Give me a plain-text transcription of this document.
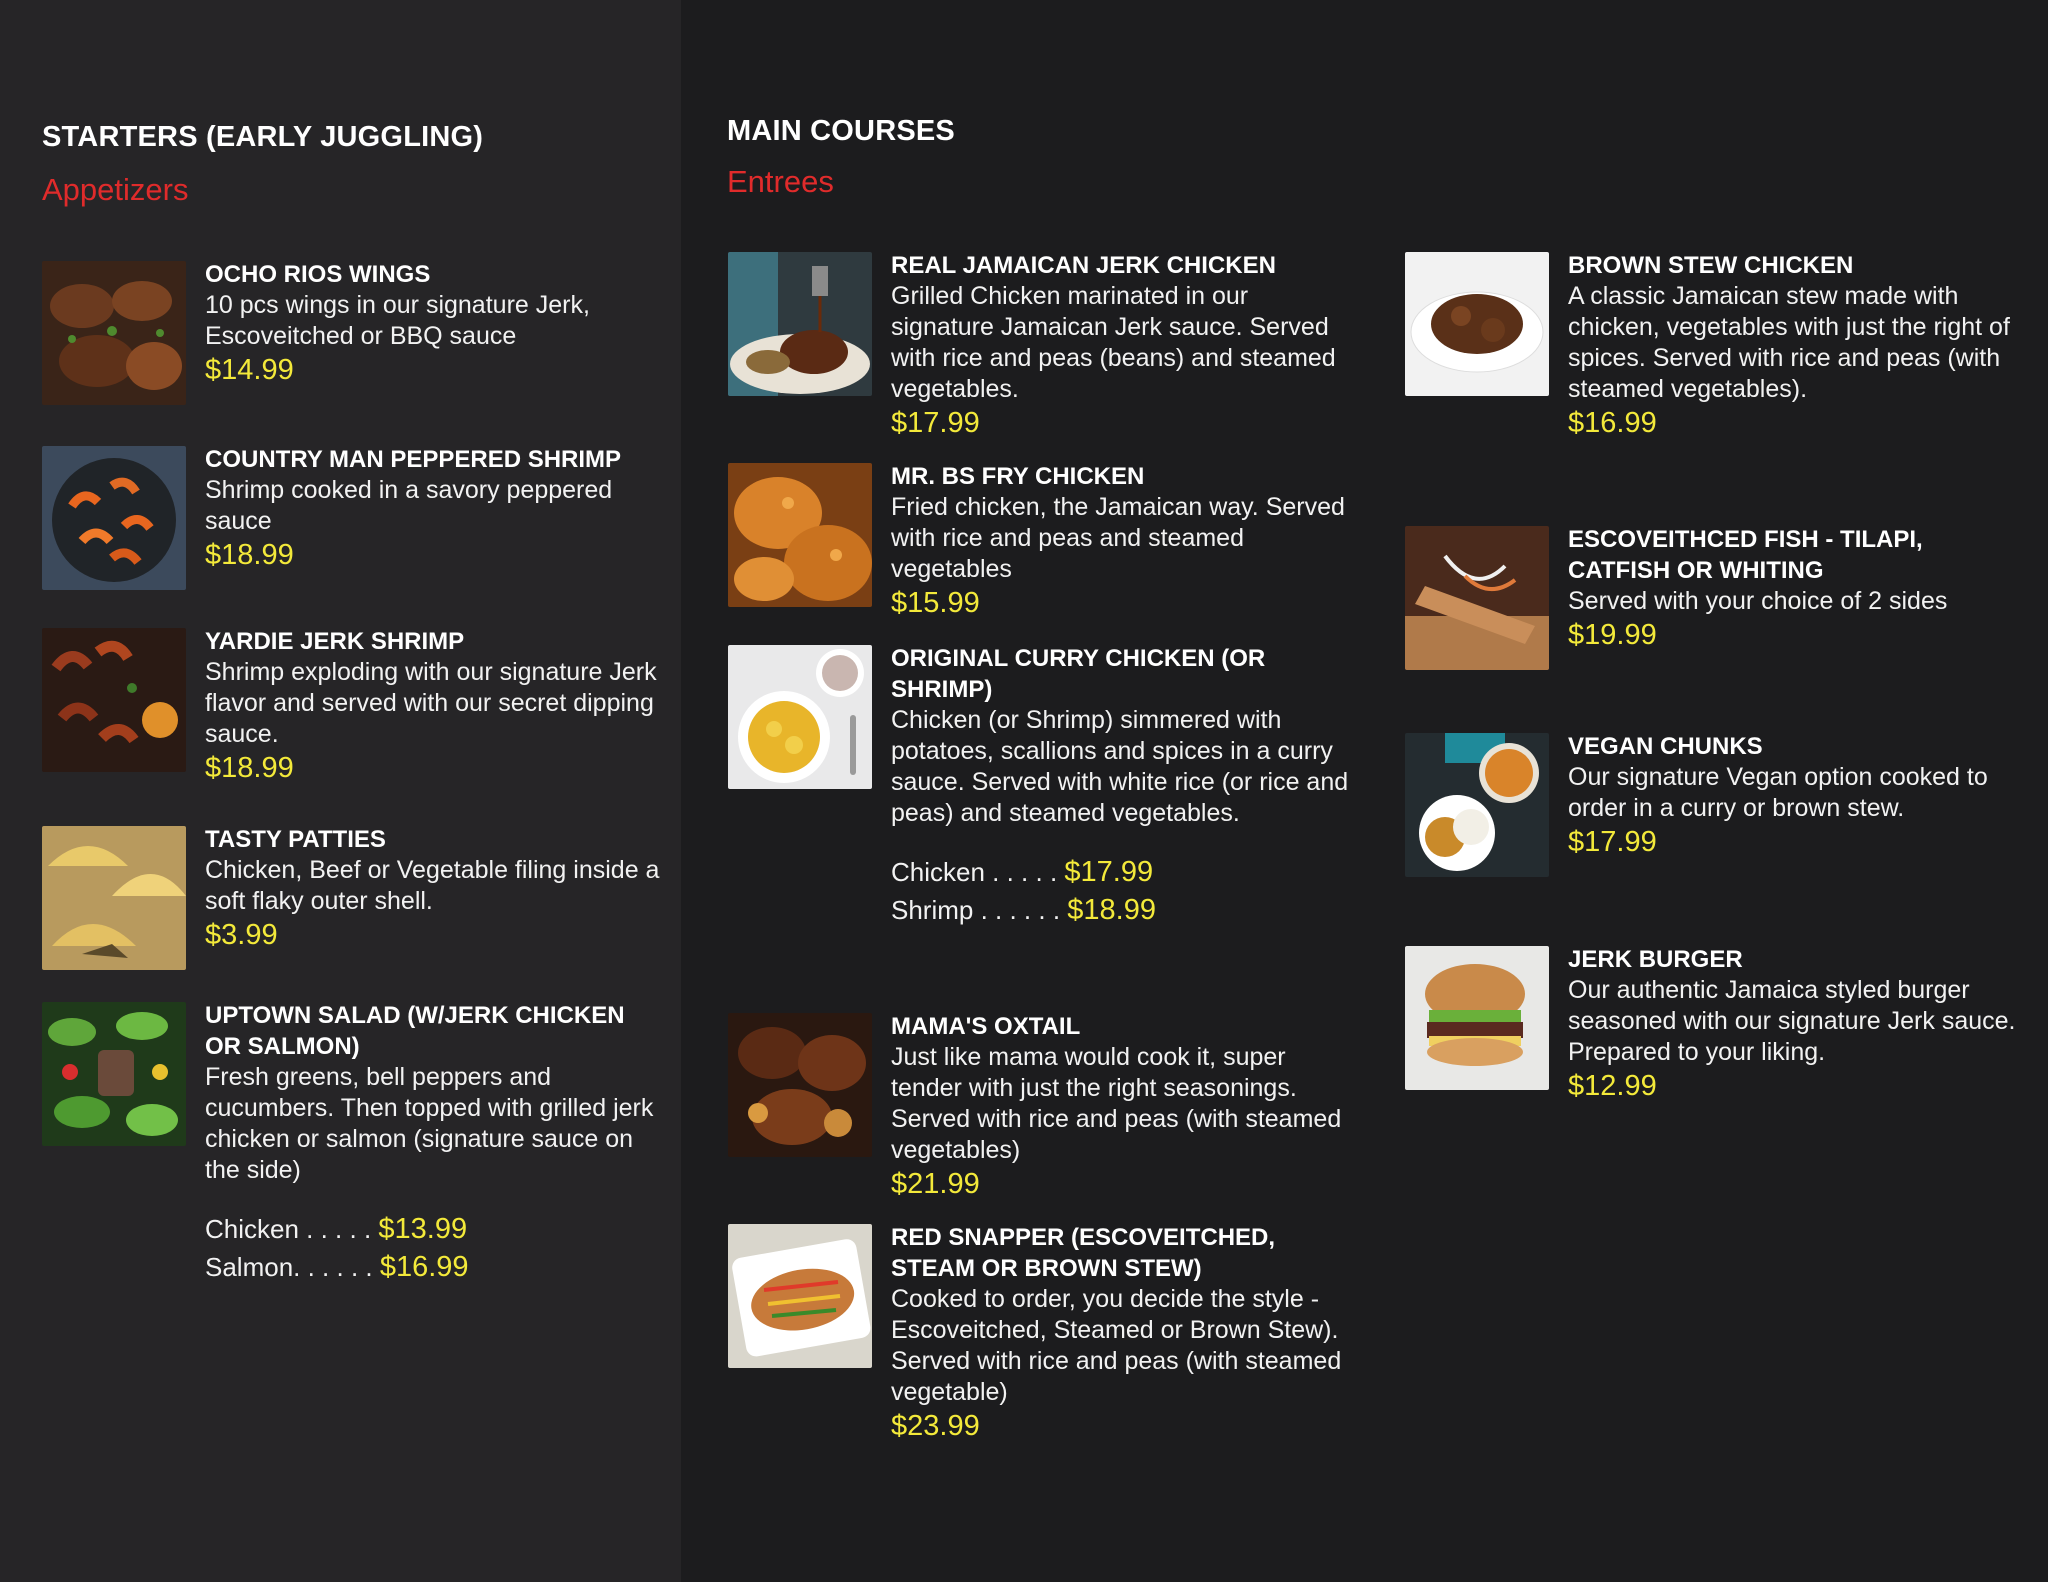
STARTERS (EARLY JUGGLING)
Appetizers
OCHO RIOS WINGS
10 pcs wings in our signature Jerk, Escoveitched or BBQ sauce
$14.99
COUNTRY MAN PEPPERED SHRIMP
Shrimp cooked in a savory peppered sauce
$18.99
YARDIE JERK SHRIMP
Shrimp exploding with our signature Jerk flavor and served with our secret dipping sauce.
$18.99
TASTY PATTIES
Chicken, Beef or Vegetable filing inside a soft flaky outer shell.
$3.99
UPTOWN SALAD (W/JERK CHICKEN OR SALMON)
Fresh greens, bell peppers and cucumbers. Then topped with grilled jerk chicken or salmon (signature sauce on the side)
Chicken . . . . . $13.99
Salmon. . . . . . $16.99
MAIN COURSES
Entrees
REAL JAMAICAN JERK CHICKEN
Grilled Chicken marinated in our signature Jamaican Jerk sauce. Served with rice and peas (beans) and steamed vegetables.
$17.99
MR. BS FRY CHICKEN
Fried chicken, the Jamaican way. Served with rice and peas and steamed vegetables
$15.99
ORIGINAL CURRY CHICKEN (OR SHRIMP)
Chicken (or Shrimp) simmered with potatoes, scallions and spices in a curry sauce. Served with white rice (or rice and peas) and steamed vegetables.
Chicken . . . . . $17.99
Shrimp . . . . . . $18.99
MAMA'S OXTAIL
Just like mama would cook it, super tender with just the right seasonings. Served with rice and peas (with steamed vegetables)
$21.99
RED SNAPPER (ESCOVEITCHED, STEAM OR BROWN STEW)
Cooked to order, you decide the style - Escoveitched, Steamed or Brown Stew). Served with rice and peas (with steamed vegetable)
$23.99
BROWN STEW CHICKEN
A classic Jamaican stew made with chicken, vegetables with just the right of spices. Served with rice and peas (with steamed vegetables).
$16.99
ESCOVEITHCED FISH - TILAPI, CATFISH OR WHITING
Served with your choice of 2 sides
$19.99
VEGAN CHUNKS
Our signature Vegan option cooked to order in a curry or brown stew.
$17.99
JERK BURGER
Our authentic Jamaica styled burger seasoned with our signature Jerk sauce. Prepared to your liking.
$12.99
